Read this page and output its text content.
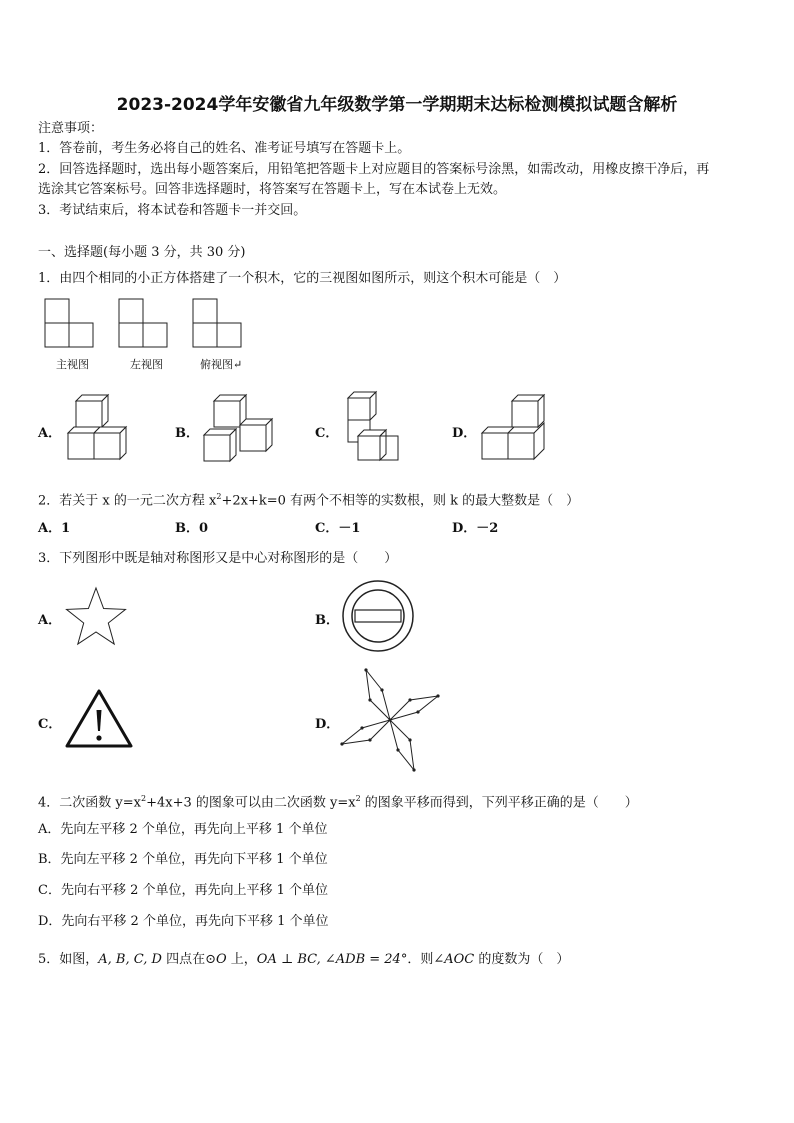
2023-2024学年安徽省九年级数学第一学期期末达标检测模拟试题含解析
注意事项：
1．答卷前，考生务必将自己的姓名、准考证号填写在答题卡上。
2．回答选择题时，选出每小题答案后，用铅笔把答题卡上对应题目的答案标号涂黑，如需改动，用橡皮擦干净后，再
选涂其它答案标号。回答非选择题时，将答案写在答题卡上，写在本试卷上无效。
3．考试结束后，将本试卷和答题卡一并交回。
一、选择题(每小题 3 分，共 30 分)
1．由四个相同的小正方体搭建了一个积木，它的三视图如图所示，则这个积木可能是（　）
主视图	左视图	俯视图↵
A．	B．	C．	D．
2．若关于 x 的一元二次方程 $x^2+2x+k=0$ 有两个不相等的实数根，则 k 的最大整数是（　）
A．1	B．0	C．－1	D．－2
3．下列图形中既是轴对称图形又是中心对称图形的是（　　）
A．	B．
C．	D．
4．二次函数 $y=x^2+4x+3$ 的图象可以由二次函数 $y=x^2$ 的图象平移而得到，下列平移正确的是（　　）
A．先向左平移 2 个单位，再先向上平移 1 个单位
B．先向左平移 2 个单位，再先向下平移 1 个单位
C．先向右平移 2 个单位，再先向上平移 1 个单位
D．先向右平移 2 个单位，再先向下平移 1 个单位
5．如图，A, B, C, D 四点在⊙O 上，OA ⊥ BC, ∠ADB = 24°．则∠AOC 的度数为（　）
